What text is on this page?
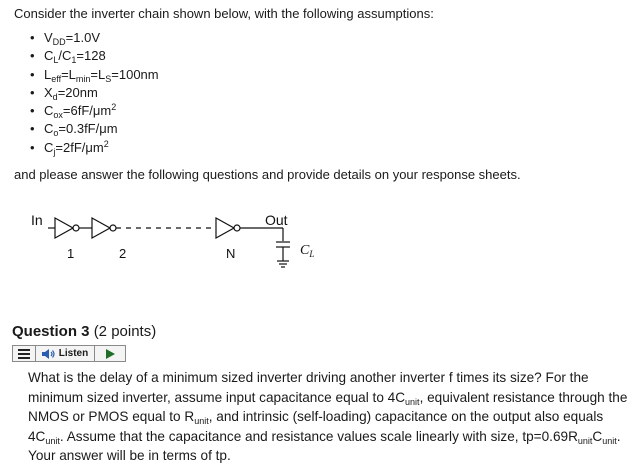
Consider the inverter chain shown below, with the following assumptions:
• $V_{DD}=1.0V$
• $C_L/C_1=128$
• $L_{eff}=L_{min}=L_S=100nm$
• $X_d=20nm$
• $C_{ox}=6fF/\mu m^2$
• $C_o=0.3fF/\mu m$
• $C_j=2fF/\mu m^2$
and please answer the following questions and provide details on your response sheets.
In	Out
$C_L$
1	2	N
Question 3 (2 points)
Listen
What is the delay of a minimum sized inverter driving another inverter f times its size? For the minimum sized inverter, assume input capacitance equal to $4C_{unit}$, equivalent resistance through the NMOS or PMOS equal to $R_{unit}$, and intrinsic (self-loading) capacitance on the output also equals $4C_{unit}$. Assume that the capacitance and resistance values scale linearly with size, $tp=0.69R_{unit}C_{unit}$. Your answer will be in terms of tp.
